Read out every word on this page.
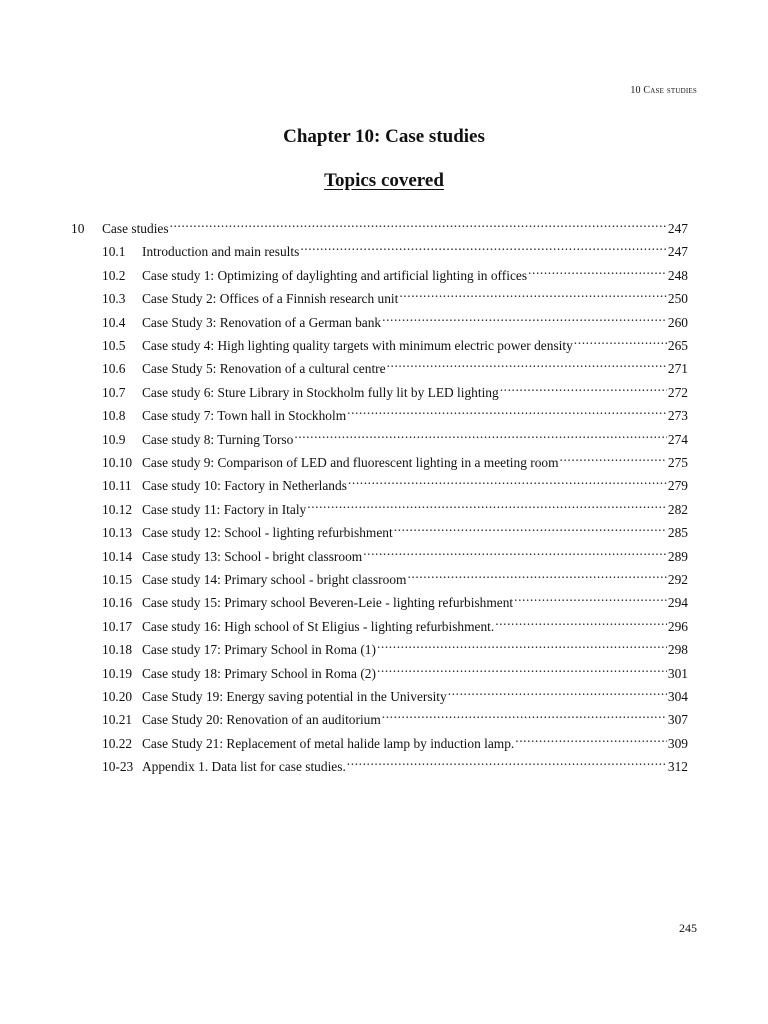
10 Case studies
Chapter 10: Case studies
Topics covered
10	Case studies .....	247
10.1	Introduction and main results .....	247
10.2	Case study 1: Optimizing of daylighting and artificial lighting in offices .....	248
10.3	Case Study 2: Offices of a Finnish research unit .....	250
10.4	Case Study 3: Renovation of a German bank .....	260
10.5	Case study 4: High lighting quality targets with minimum electric power density .....	265
10.6	Case Study 5: Renovation of a cultural centre .....	271
10.7	Case study 6: Sture Library in Stockholm fully lit by LED lighting .....	272
10.8	Case study 7: Town hall in Stockholm .....	273
10.9	Case study 8: Turning Torso .....	274
10.10 Case study 9: Comparison of LED and fluorescent lighting in a meeting room .....	275
10.11 Case study 10: Factory in Netherlands .....	279
10.12 Case study 11: Factory in Italy .....	282
10.13 Case study 12: School - lighting refurbishment .....	285
10.14 Case study 13: School - bright classroom .....	289
10.15 Case study 14: Primary school - bright classroom .....	292
10.16 Case study 15: Primary school Beveren-Leie - lighting refurbishment .....	294
10.17 Case study 16: High school of St Eligius - lighting refurbishment. .....	296
10.18 Case study 17: Primary School in Roma (1) .....	298
10.19 Case study 18: Primary School in Roma (2) .....	301
10.20 Case Study 19: Energy saving potential in the University .....	304
10.21 Case Study 20: Renovation of an auditorium .....	307
10.22 Case Study 21: Replacement of metal halide lamp by induction lamp. .....	309
10-23 Appendix 1. Data list for case studies. .....	312
245
